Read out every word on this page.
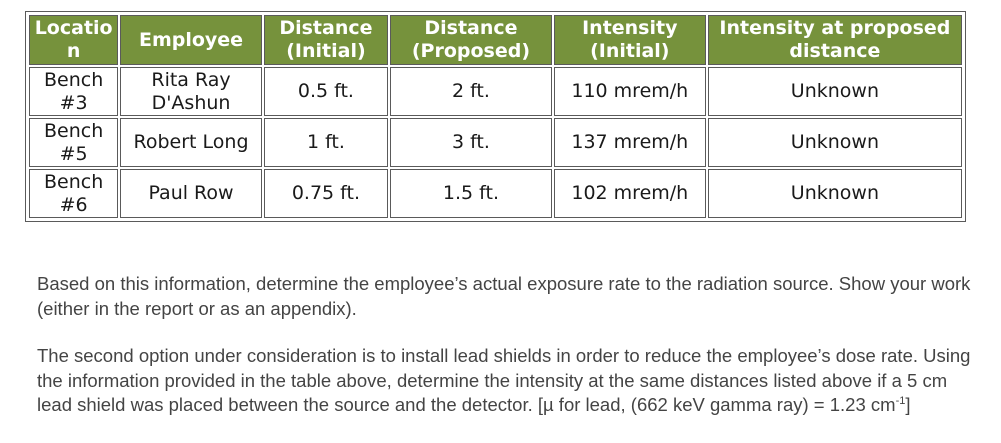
Locatio n	Employee	Distance (Initial)	Distance (Proposed)	Intensity (Initial)	Intensity at proposed distance
Bench #3	Rita Ray D'Ashun	0.5 ft.	2 ft.	110 mrem/h	Unknown
Bench #5	Robert Long	1 ft.	3 ft.	137 mrem/h	Unknown
Bench #6	Paul Row	0.75 ft.	1.5 ft.	102 mrem/h	Unknown

Based on this information, determine the employee’s actual exposure rate to the radiation source. Show your work (either in the report or as an appendix).

The second option under consideration is to install lead shields in order to reduce the employee’s dose rate. Using the information provided in the table above, determine the intensity at the same distances listed above if a 5 cm lead shield was placed between the source and the detector. [µ for lead, (662 keV gamma ray) = 1.23 $cm^{-1}$]
